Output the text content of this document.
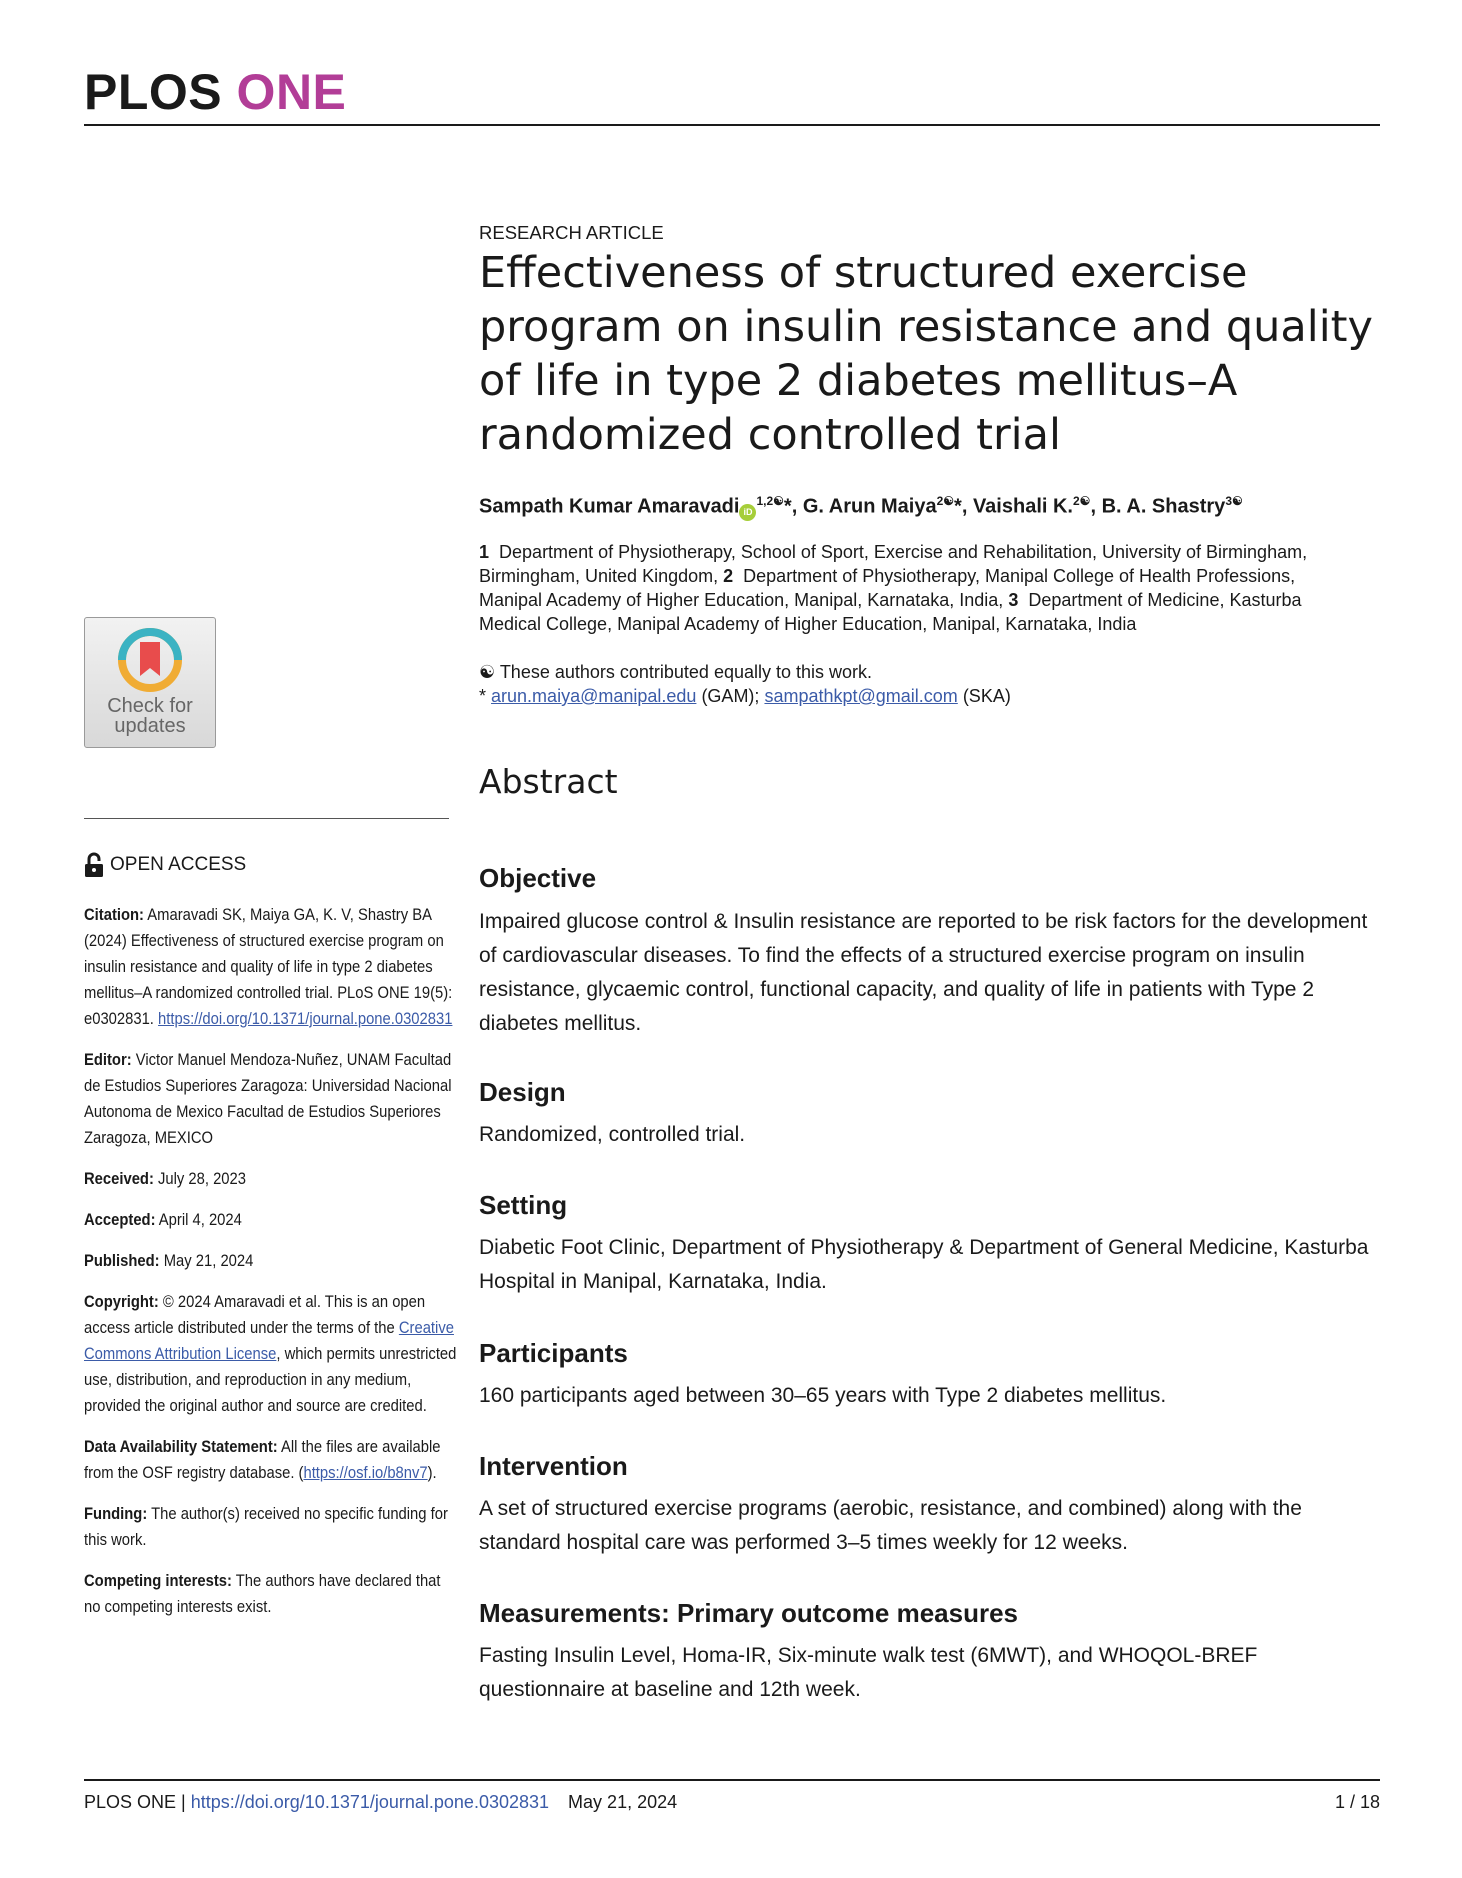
PLOS ONE
RESEARCH ARTICLE
Effectiveness of structured exercise program on insulin resistance and quality of life in type 2 diabetes mellitus–A randomized controlled trial
Sampath Kumar Amaravadi $iD^{1,2☯}*$, G. Arun Maiya$^{2☯}$*, Vaishali K.$^{2☯}$, B. A. Shastry$^{3☯}$
1 Department of Physiotherapy, School of Sport, Exercise and Rehabilitation, University of Birmingham, Birmingham, United Kingdom, 2 Department of Physiotherapy, Manipal College of Health Professions, Manipal Academy of Higher Education, Manipal, Karnataka, India, 3 Department of Medicine, Kasturba Medical College, Manipal Academy of Higher Education, Manipal, Karnataka, India
☯ These authors contributed equally to this work.
* arun.maiya@manipal.edu (GAM); sampathkpt@gmail.com (SKA)
Abstract
Objective

Impaired glucose control & Insulin resistance are reported to be risk factors for the development of cardiovascular diseases. To find the effects of a structured exercise program on insulin resistance, glycaemic control, functional capacity, and quality of life in patients with Type 2 diabetes mellitus.

Design

Randomized, controlled trial.

Setting

Diabetic Foot Clinic, Department of Physiotherapy & Department of General Medicine, Kasturba Hospital in Manipal, Karnataka, India.

Participants

160 participants aged between 30–65 years with Type 2 diabetes mellitus.

Intervention

A set of structured exercise programs (aerobic, resistance, and combined) along with the standard hospital care was performed 3–5 times weekly for 12 weeks.

Measurements: Primary outcome measures

Fasting Insulin Level, Homa-IR, Six-minute walk test (6MWT), and WHOQOL-BREF questionnaire at baseline and 12th week.

Check for
updates
OPEN ACCESS

Citation: Amaravadi SK, Maiya GA, K. V, Shastry BA (2024) Effectiveness of structured exercise program on insulin resistance and quality of life in type 2 diabetes mellitus–A randomized controlled trial. PLoS ONE 19(5): e0302831. https://doi.org/10.1371/journal.pone.0302831

Editor: Victor Manuel Mendoza-Nuñez, UNAM Facultad de Estudios Superiores Zaragoza: Universidad Nacional Autonoma de Mexico Facultad de Estudios Superiores Zaragoza, MEXICO

Received: July 28, 2023

Accepted: April 4, 2024

Published: May 21, 2024

Copyright: © 2024 Amaravadi et al. This is an open access article distributed under the terms of the Creative Commons Attribution License, which permits unrestricted use, distribution, and reproduction in any medium, provided the original author and source are credited.

Data Availability Statement: All the files are available from the OSF registry database. (https://osf.io/b8nv7).

Funding: The author(s) received no specific funding for this work.

Competing interests: The authors have declared that no competing interests exist.

PLOS ONE | https://doi.org/10.1371/journal.pone.0302831 May 21, 2024	1 / 18
